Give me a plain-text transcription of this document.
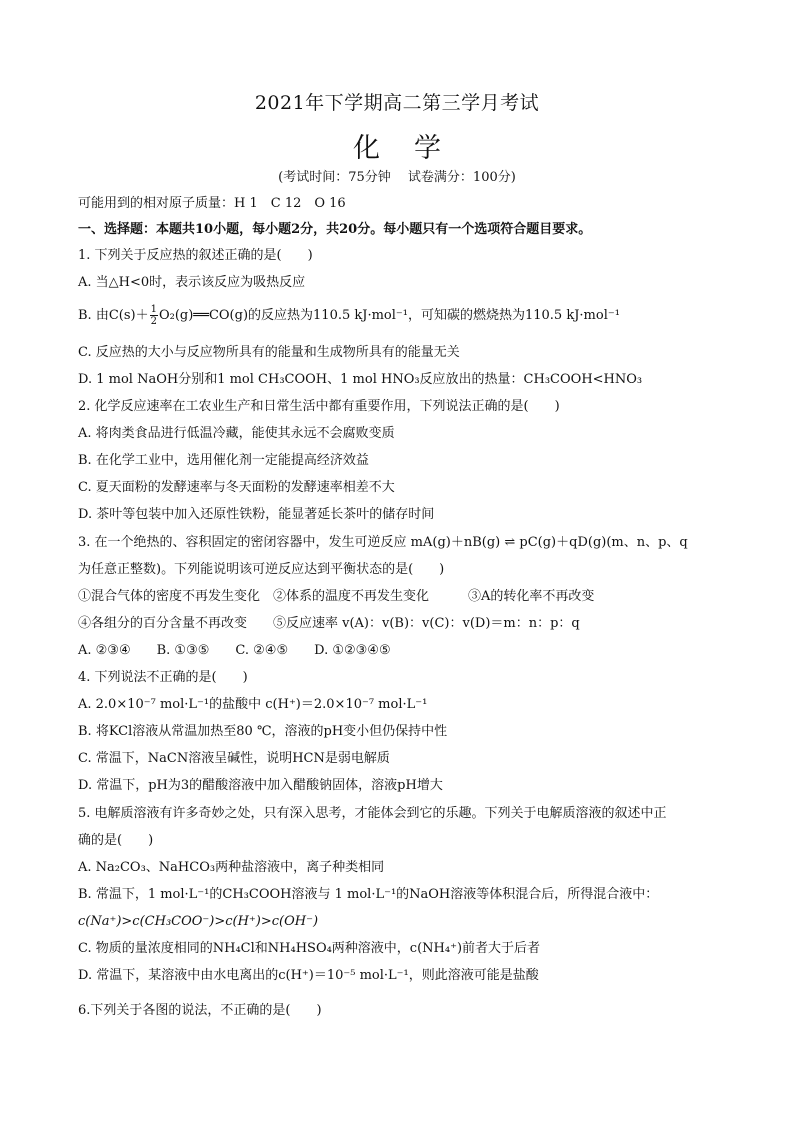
2021年下学期高二第三学月考试
化学
(考试时间：75分钟　 试卷满分：100分)
可能用到的相对原子质量：H 1　C 12　O 16
一、选择题：本题共10小题，每小题2分，共20分。每小题只有一个选项符合题目要求。
1. 下列关于反应热的叙述正确的是(　　)
A. 当△H<0时，表示该反应为吸热反应
B. 由$C(s)+ \frac{1}{2}$ O₂(g)══CO(g)的反应热为110.5 kJ·mol⁻¹，可知碳的燃烧热为110.5 kJ·mol⁻¹
C. 反应热的大小与反应物所具有的能量和生成物所具有的能量无关
D. 1 mol NaOH分别和1 mol CH₃COOH、1 mol HNO₃反应放出的热量：CH₃COOH<HNO₃
2. 化学反应速率在工农业生产和日常生活中都有重要作用，下列说法正确的是(　　)
A. 将肉类食品进行低温冷藏，能使其永远不会腐败变质
B. 在化学工业中，选用催化剂一定能提高经济效益
C. 夏天面粉的发酵速率与冬天面粉的发酵速率相差不大
D. 茶叶等包装中加入还原性铁粉，能显著延长茶叶的储存时间
3. 在一个绝热的、容积固定的密闭容器中，发生可逆反应 mA(g)＋nB(g) ⇌ pC(g)＋qD(g)(m、n、p、q
为任意正整数)。下列能说明该可逆反应达到平衡状态的是(　　)
①混合气体的密度不再发生变化　②体系的温度不再发生变化　　　③A的转化率不再改变
④各组分的百分含量不再改变　　⑤反应速率 v(A)：v(B)：v(C)：v(D)＝m：n：p：q
A. ②③④　　B. ①③⑤　　C. ②④⑤　　D. ①②③④⑤
4. 下列说法不正确的是(　　)
A. 2.0×10⁻⁷ mol·L⁻¹的盐酸中 c(H⁺)＝2.0×10⁻⁷ mol·L⁻¹
B. 将KCl溶液从常温加热至80 ℃，溶液的pH变小但仍保持中性
C. 常温下，NaCN溶液呈碱性，说明HCN是弱电解质
D. 常温下，pH为3的醋酸溶液中加入醋酸钠固体，溶液pH增大
5. 电解质溶液有许多奇妙之处，只有深入思考，才能体会到它的乐趣。下列关于电解质溶液的叙述中正
确的是(　　)
A. Na₂CO₃、NaHCO₃两种盐溶液中，离子种类相同
B. 常温下，1 mol·L⁻¹的CH₃COOH溶液与 1 mol·L⁻¹的NaOH溶液等体积混合后，所得混合液中：
c(Na⁺)>c(CH₃COO⁻)>c(H⁺)>c(OH⁻)
C. 物质的量浓度相同的NH₄Cl和NH₄HSO₄两种溶液中，c(NH₄⁺)前者大于后者
D. 常温下，某溶液中由水电离出的c(H⁺)＝10⁻⁵ mol·L⁻¹，则此溶液可能是盐酸
6.下列关于各图的说法，不正确的是(　　)
